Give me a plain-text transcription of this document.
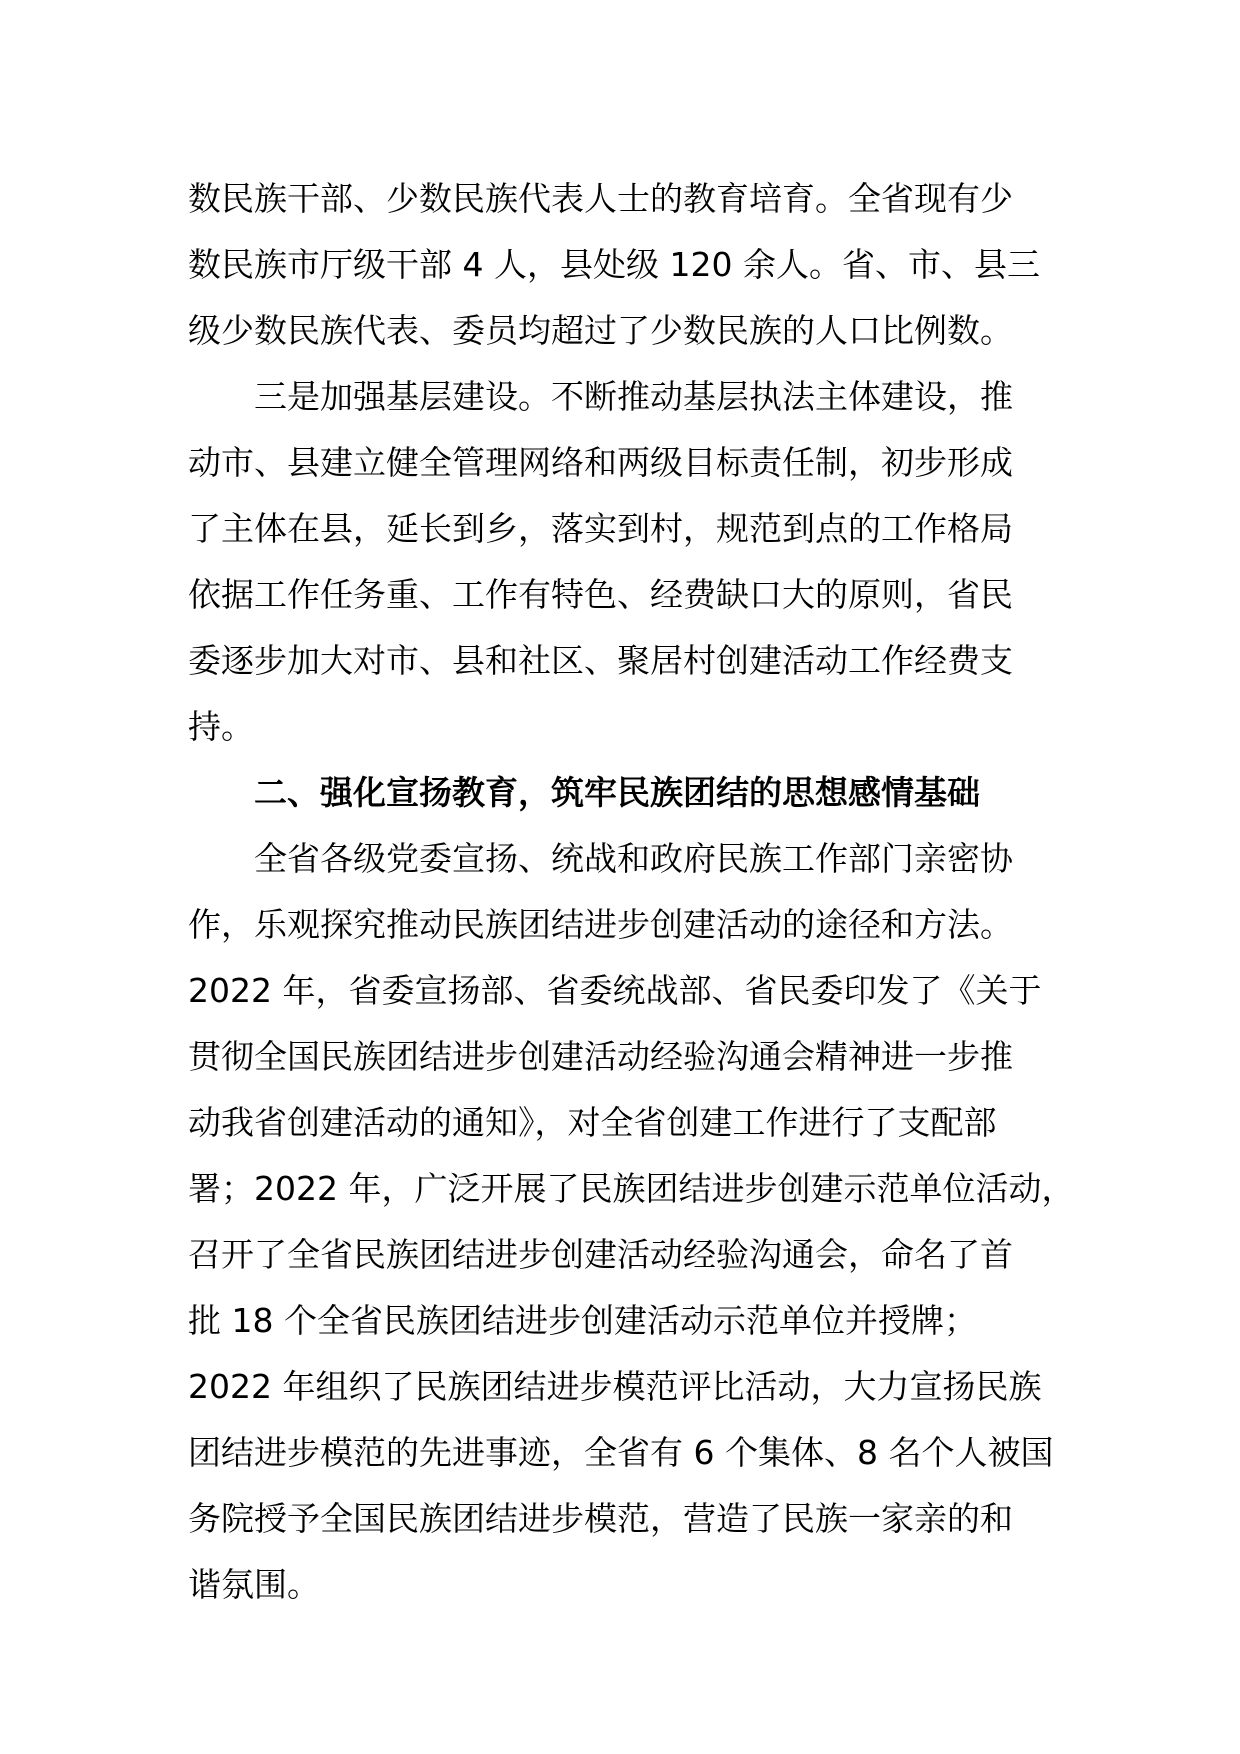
数民族干部、少数民族代表人士的教育培育。全省现有少
数民族市厅级干部 4 人，县处级 120 余人。省、市、县三
级少数民族代表、委员均超过了少数民族的人口比例数。
三是加强基层建设。不断推动基层执法主体建设，推
动市、县建立健全管理网络和两级目标责任制，初步形成
了主体在县，延长到乡，落实到村，规范到点的工作格局
依据工作任务重、工作有特色、经费缺口大的原则，省民
委逐步加大对市、县和社区、聚居村创建活动工作经费支
持。
二、强化宣扬教育，筑牢民族团结的思想感情基础
全省各级党委宣扬、统战和政府民族工作部门亲密协
作，乐观探究推动民族团结进步创建活动的途径和方法。
2022 年，省委宣扬部、省委统战部、省民委印发了《关于
贯彻全国民族团结进步创建活动经验沟通会精神进一步推
动我省创建活动的通知》，对全省创建工作进行了支配部
署；2022 年，广泛开展了民族团结进步创建示范单位活动，
召开了全省民族团结进步创建活动经验沟通会，命名了首
批 18 个全省民族团结进步创建活动示范单位并授牌；
2022 年组织了民族团结进步模范评比活动，大力宣扬民族
团结进步模范的先进事迹，全省有 6 个集体、8 名个人被国
务院授予全国民族团结进步模范，营造了民族一家亲的和
谐氛围。
